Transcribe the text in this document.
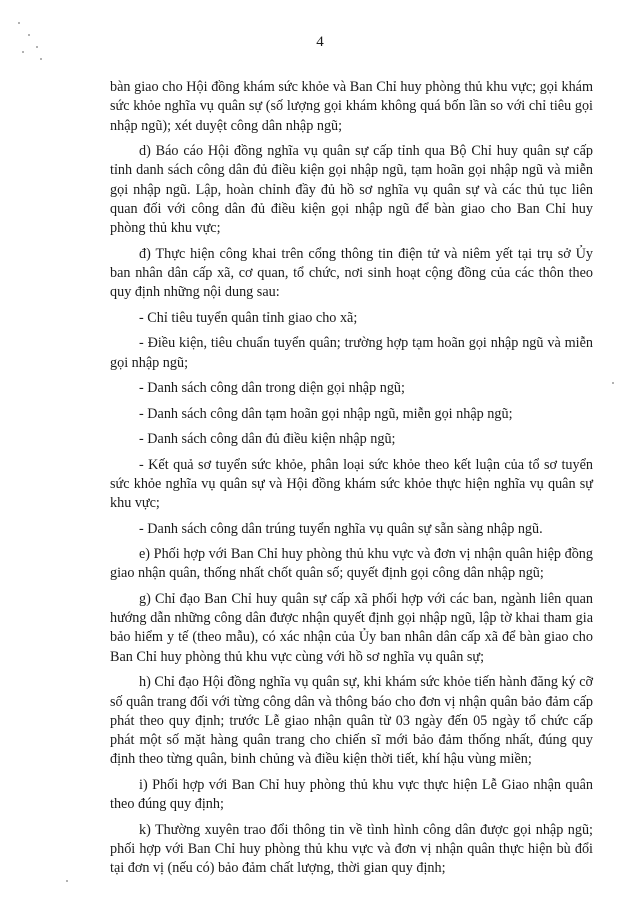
4

bàn giao cho Hội đồng khám sức khỏe và Ban Chỉ huy phòng thủ khu vực; gọi khám sức khỏe nghĩa vụ quân sự (số lượng gọi khám không quá bốn lần so với chỉ tiêu gọi nhập ngũ); xét duyệt công dân nhập ngũ;

d) Báo cáo Hội đồng nghĩa vụ quân sự cấp tỉnh qua Bộ Chỉ huy quân sự cấp tỉnh danh sách công dân đủ điều kiện gọi nhập ngũ, tạm hoãn gọi nhập ngũ và miễn gọi nhập ngũ. Lập, hoàn chỉnh đầy đủ hồ sơ nghĩa vụ quân sự và các thủ tục liên quan đối với công dân đủ điều kiện gọi nhập ngũ để bàn giao cho Ban Chỉ huy phòng thủ khu vực;

đ) Thực hiện công khai trên cổng thông tin điện tử và niêm yết tại trụ sở Ủy ban nhân dân cấp xã, cơ quan, tổ chức, nơi sinh hoạt cộng đồng của các thôn theo quy định những nội dung sau:

- Chỉ tiêu tuyển quân tỉnh giao cho xã;

- Điều kiện, tiêu chuẩn tuyển quân; trường hợp tạm hoãn gọi nhập ngũ và miễn gọi nhập ngũ;

- Danh sách công dân trong diện gọi nhập ngũ;

- Danh sách công dân tạm hoãn gọi nhập ngũ, miễn gọi nhập ngũ;

- Danh sách công dân đủ điều kiện nhập ngũ;

- Kết quả sơ tuyển sức khỏe, phân loại sức khỏe theo kết luận của tổ sơ tuyển sức khỏe nghĩa vụ quân sự và Hội đồng khám sức khỏe thực hiện nghĩa vụ quân sự khu vực;

- Danh sách công dân trúng tuyển nghĩa vụ quân sự sẵn sàng nhập ngũ.

e) Phối hợp với Ban Chỉ huy phòng thủ khu vực và đơn vị nhận quân hiệp đồng giao nhận quân, thống nhất chốt quân số; quyết định gọi công dân nhập ngũ;

g) Chỉ đạo Ban Chỉ huy quân sự cấp xã phối hợp với các ban, ngành liên quan hướng dẫn những công dân được nhận quyết định gọi nhập ngũ, lập tờ khai tham gia bảo hiểm y tế (theo mẫu), có xác nhận của Ủy ban nhân dân cấp xã để bàn giao cho Ban Chỉ huy phòng thủ khu vực cùng với hồ sơ nghĩa vụ quân sự;

h) Chỉ đạo Hội đồng nghĩa vụ quân sự, khi khám sức khỏe tiến hành đăng ký cỡ số quân trang đối với từng công dân và thông báo cho đơn vị nhận quân bảo đảm cấp phát theo quy định; trước Lễ giao nhận quân từ 03 ngày đến 05 ngày tổ chức cấp phát một số mặt hàng quân trang cho chiến sĩ mới bảo đảm thống nhất, đúng quy định theo từng quân, binh chủng và điều kiện thời tiết, khí hậu vùng miền;

i) Phối hợp với Ban Chỉ huy phòng thủ khu vực thực hiện Lễ Giao nhận quân theo đúng quy định;

k) Thường xuyên trao đổi thông tin về tình hình công dân được gọi nhập ngũ; phối hợp với Ban Chỉ huy phòng thủ khu vực và đơn vị nhận quân thực hiện bù đổi tại đơn vị (nếu có) bảo đảm chất lượng, thời gian quy định;
